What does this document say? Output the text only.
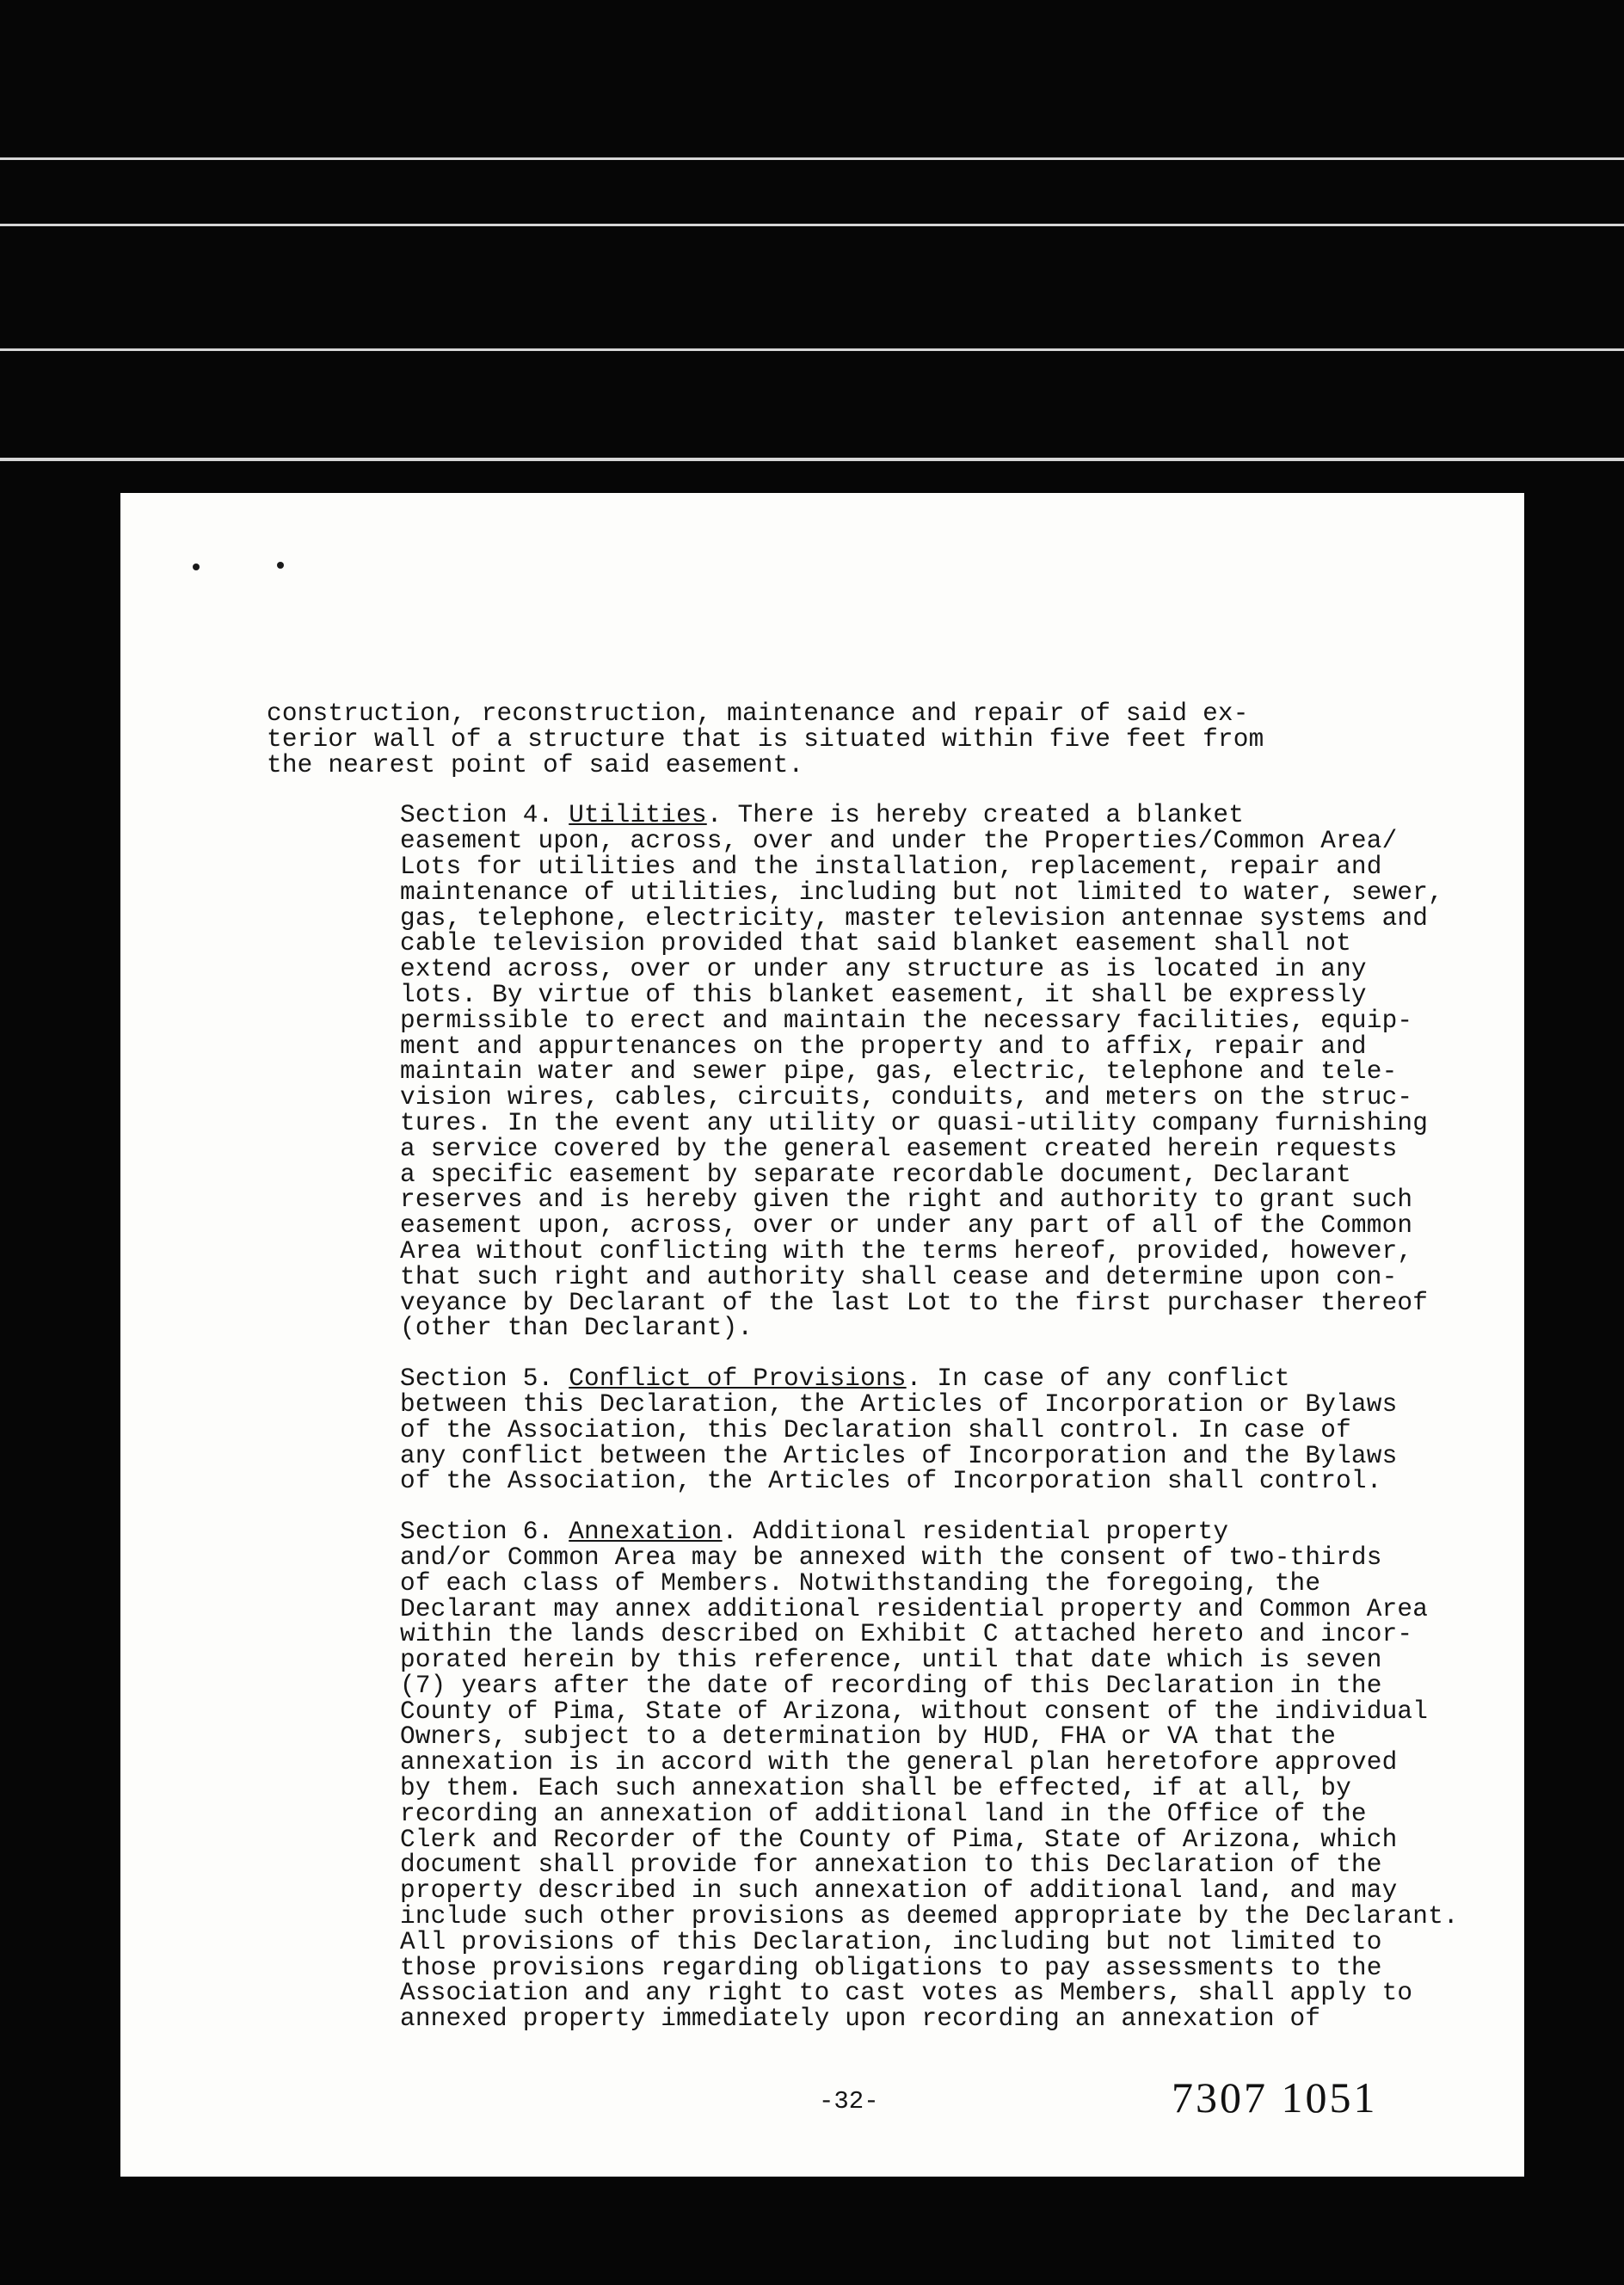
construction, reconstruction, maintenance and repair of said ex-
terior wall of a structure that is situated within five feet from
the nearest point of said easement.
Section 4. Utilities. There is hereby created a blanket
easement upon, across, over and under the Properties/Common Area/
Lots for utilities and the installation, replacement, repair and
maintenance of utilities, including but not limited to water, sewer,
gas, telephone, electricity, master television antennae systems and
cable television provided that said blanket easement shall not
extend across, over or under any structure as is located in any
lots. By virtue of this blanket easement, it shall be expressly
permissible to erect and maintain the necessary facilities, equip-
ment and appurtenances on the property and to affix, repair and
maintain water and sewer pipe, gas, electric, telephone and tele-
vision wires, cables, circuits, conduits, and meters on the struc-
tures. In the event any utility or quasi-utility company furnishing
a service covered by the general easement created herein requests
a specific easement by separate recordable document, Declarant
reserves and is hereby given the right and authority to grant such
easement upon, across, over or under any part of all of the Common
Area without conflicting with the terms hereof, provided, however,
that such right and authority shall cease and determine upon con-
veyance by Declarant of the last Lot to the first purchaser thereof
(other than Declarant).
Section 5. Conflict of Provisions. In case of any conflict
between this Declaration, the Articles of Incorporation or Bylaws
of the Association, this Declaration shall control. In case of
any conflict between the Articles of Incorporation and the Bylaws
of the Association, the Articles of Incorporation shall control.
Section 6. Annexation. Additional residential property
and/or Common Area may be annexed with the consent of two-thirds
of each class of Members. Notwithstanding the foregoing, the
Declarant may annex additional residential property and Common Area
within the lands described on Exhibit C attached hereto and incor-
porated herein by this reference, until that date which is seven
(7) years after the date of recording of this Declaration in the
County of Pima, State of Arizona, without consent of the individual
Owners, subject to a determination by HUD, FHA or VA that the
annexation is in accord with the general plan heretofore approved
by them. Each such annexation shall be effected, if at all, by
recording an annexation of additional land in the Office of the
Clerk and Recorder of the County of Pima, State of Arizona, which
document shall provide for annexation to this Declaration of the
property described in such annexation of additional land, and may
include such other provisions as deemed appropriate by the Declarant.
All provisions of this Declaration, including but not limited to
those provisions regarding obligations to pay assessments to the
Association and any right to cast votes as Members, shall apply to
annexed property immediately upon recording an annexation of
-32-	7307 1051
